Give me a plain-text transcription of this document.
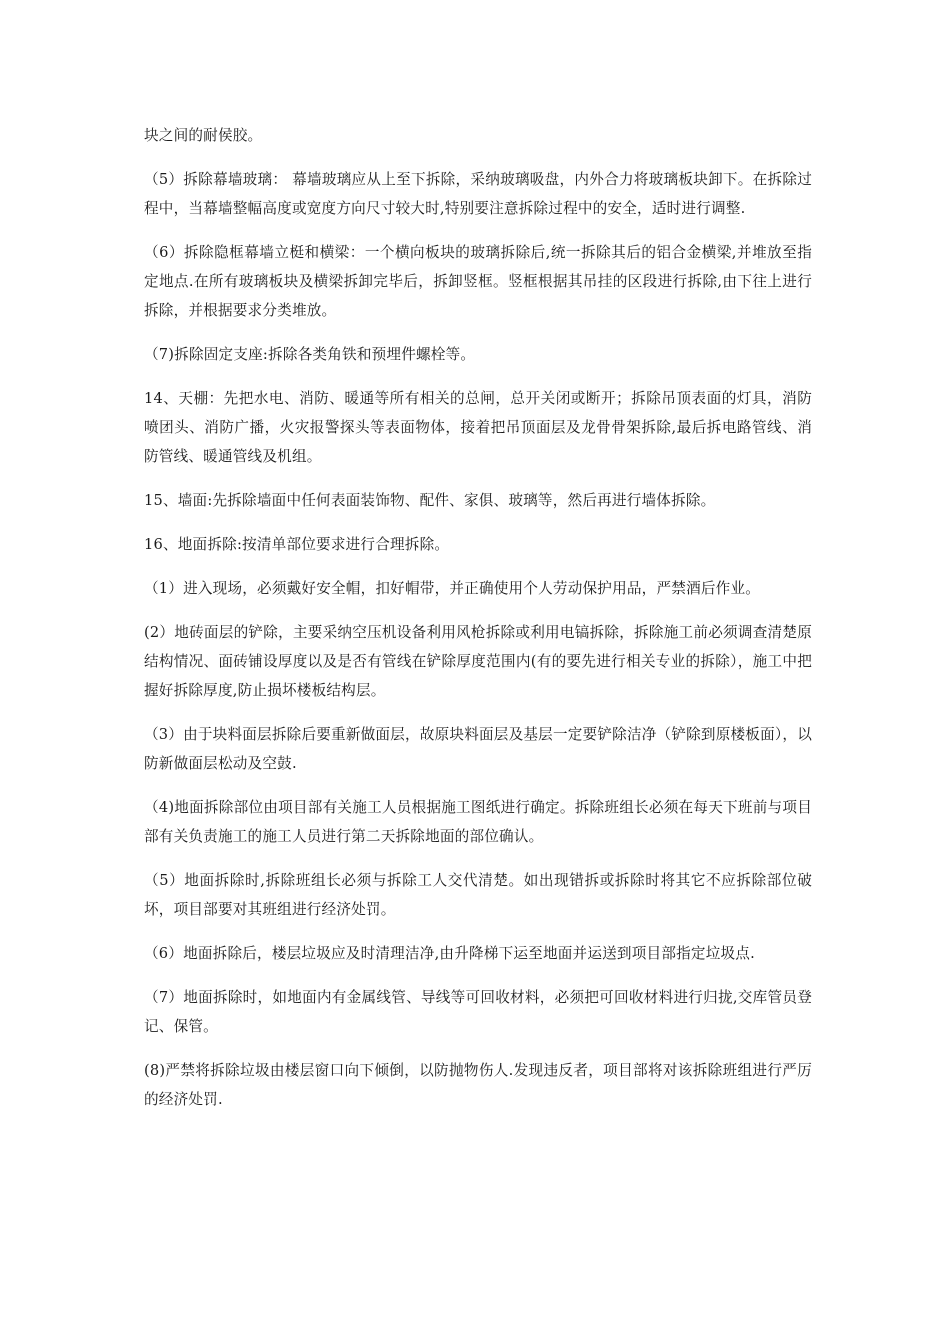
块之间的耐侯胶。

（5）拆除幕墙玻璃： 幕墙玻璃应从上至下拆除，采纳玻璃吸盘，内外合力将玻璃板块卸下。在拆除过程中，当幕墙整幅高度或宽度方向尺寸较大时,特别要注意拆除过程中的安全，适时进行调整.

（6）拆除隐框幕墙立梃和横梁：一个横向板块的玻璃拆除后,统一拆除其后的铝合金横梁,并堆放至指定地点.在所有玻璃板块及横梁拆卸完毕后，拆卸竖框。竖框根据其吊挂的区段进行拆除,由下往上进行拆除，并根据要求分类堆放。

（7)拆除固定支座:拆除各类角铁和预埋件螺栓等。

14、天棚：先把水电、消防、暖通等所有相关的总闸，总开关闭或断开；拆除吊顶表面的灯具，消防喷团头、消防广播，火灾报警探头等表面物体，接着把吊顶面层及龙骨骨架拆除,最后拆电路管线、消防管线、暖通管线及机组。

15、墙面:先拆除墙面中任何表面装饰物、配件、家俱、玻璃等，然后再进行墙体拆除。

16、地面拆除:按清单部位要求进行合理拆除。

（1）进入现场，必须戴好安全帽，扣好帽带，并正确使用个人劳动保护用品，严禁酒后作业。

(2）地砖面层的铲除，主要采纳空压机设备利用风枪拆除或利用电镐拆除，拆除施工前必须调查清楚原结构情况、面砖铺设厚度以及是否有管线在铲除厚度范围内(有的要先进行相关专业的拆除），施工中把握好拆除厚度,防止损坏楼板结构层。

（3）由于块料面层拆除后要重新做面层，故原块料面层及基层一定要铲除洁净（铲除到原楼板面），以防新做面层松动及空鼓.

（4)地面拆除部位由项目部有关施工人员根据施工图纸进行确定。拆除班组长必须在每天下班前与项目部有关负责施工的施工人员进行第二天拆除地面的部位确认。

（5）地面拆除时,拆除班组长必须与拆除工人交代清楚。如出现错拆或拆除时将其它不应拆除部位破坏，项目部要对其班组进行经济处罚。

（6）地面拆除后，楼层垃圾应及时清理洁净,由升降梯下运至地面并运送到项目部指定垃圾点.

（7）地面拆除时，如地面内有金属线管、导线等可回收材料，必须把可回收材料进行归拢,交库管员登记、保管。

(8)严禁将拆除垃圾由楼层窗口向下倾倒，以防抛物伤人.发现违反者，项目部将对该拆除班组进行严厉的经济处罚.
